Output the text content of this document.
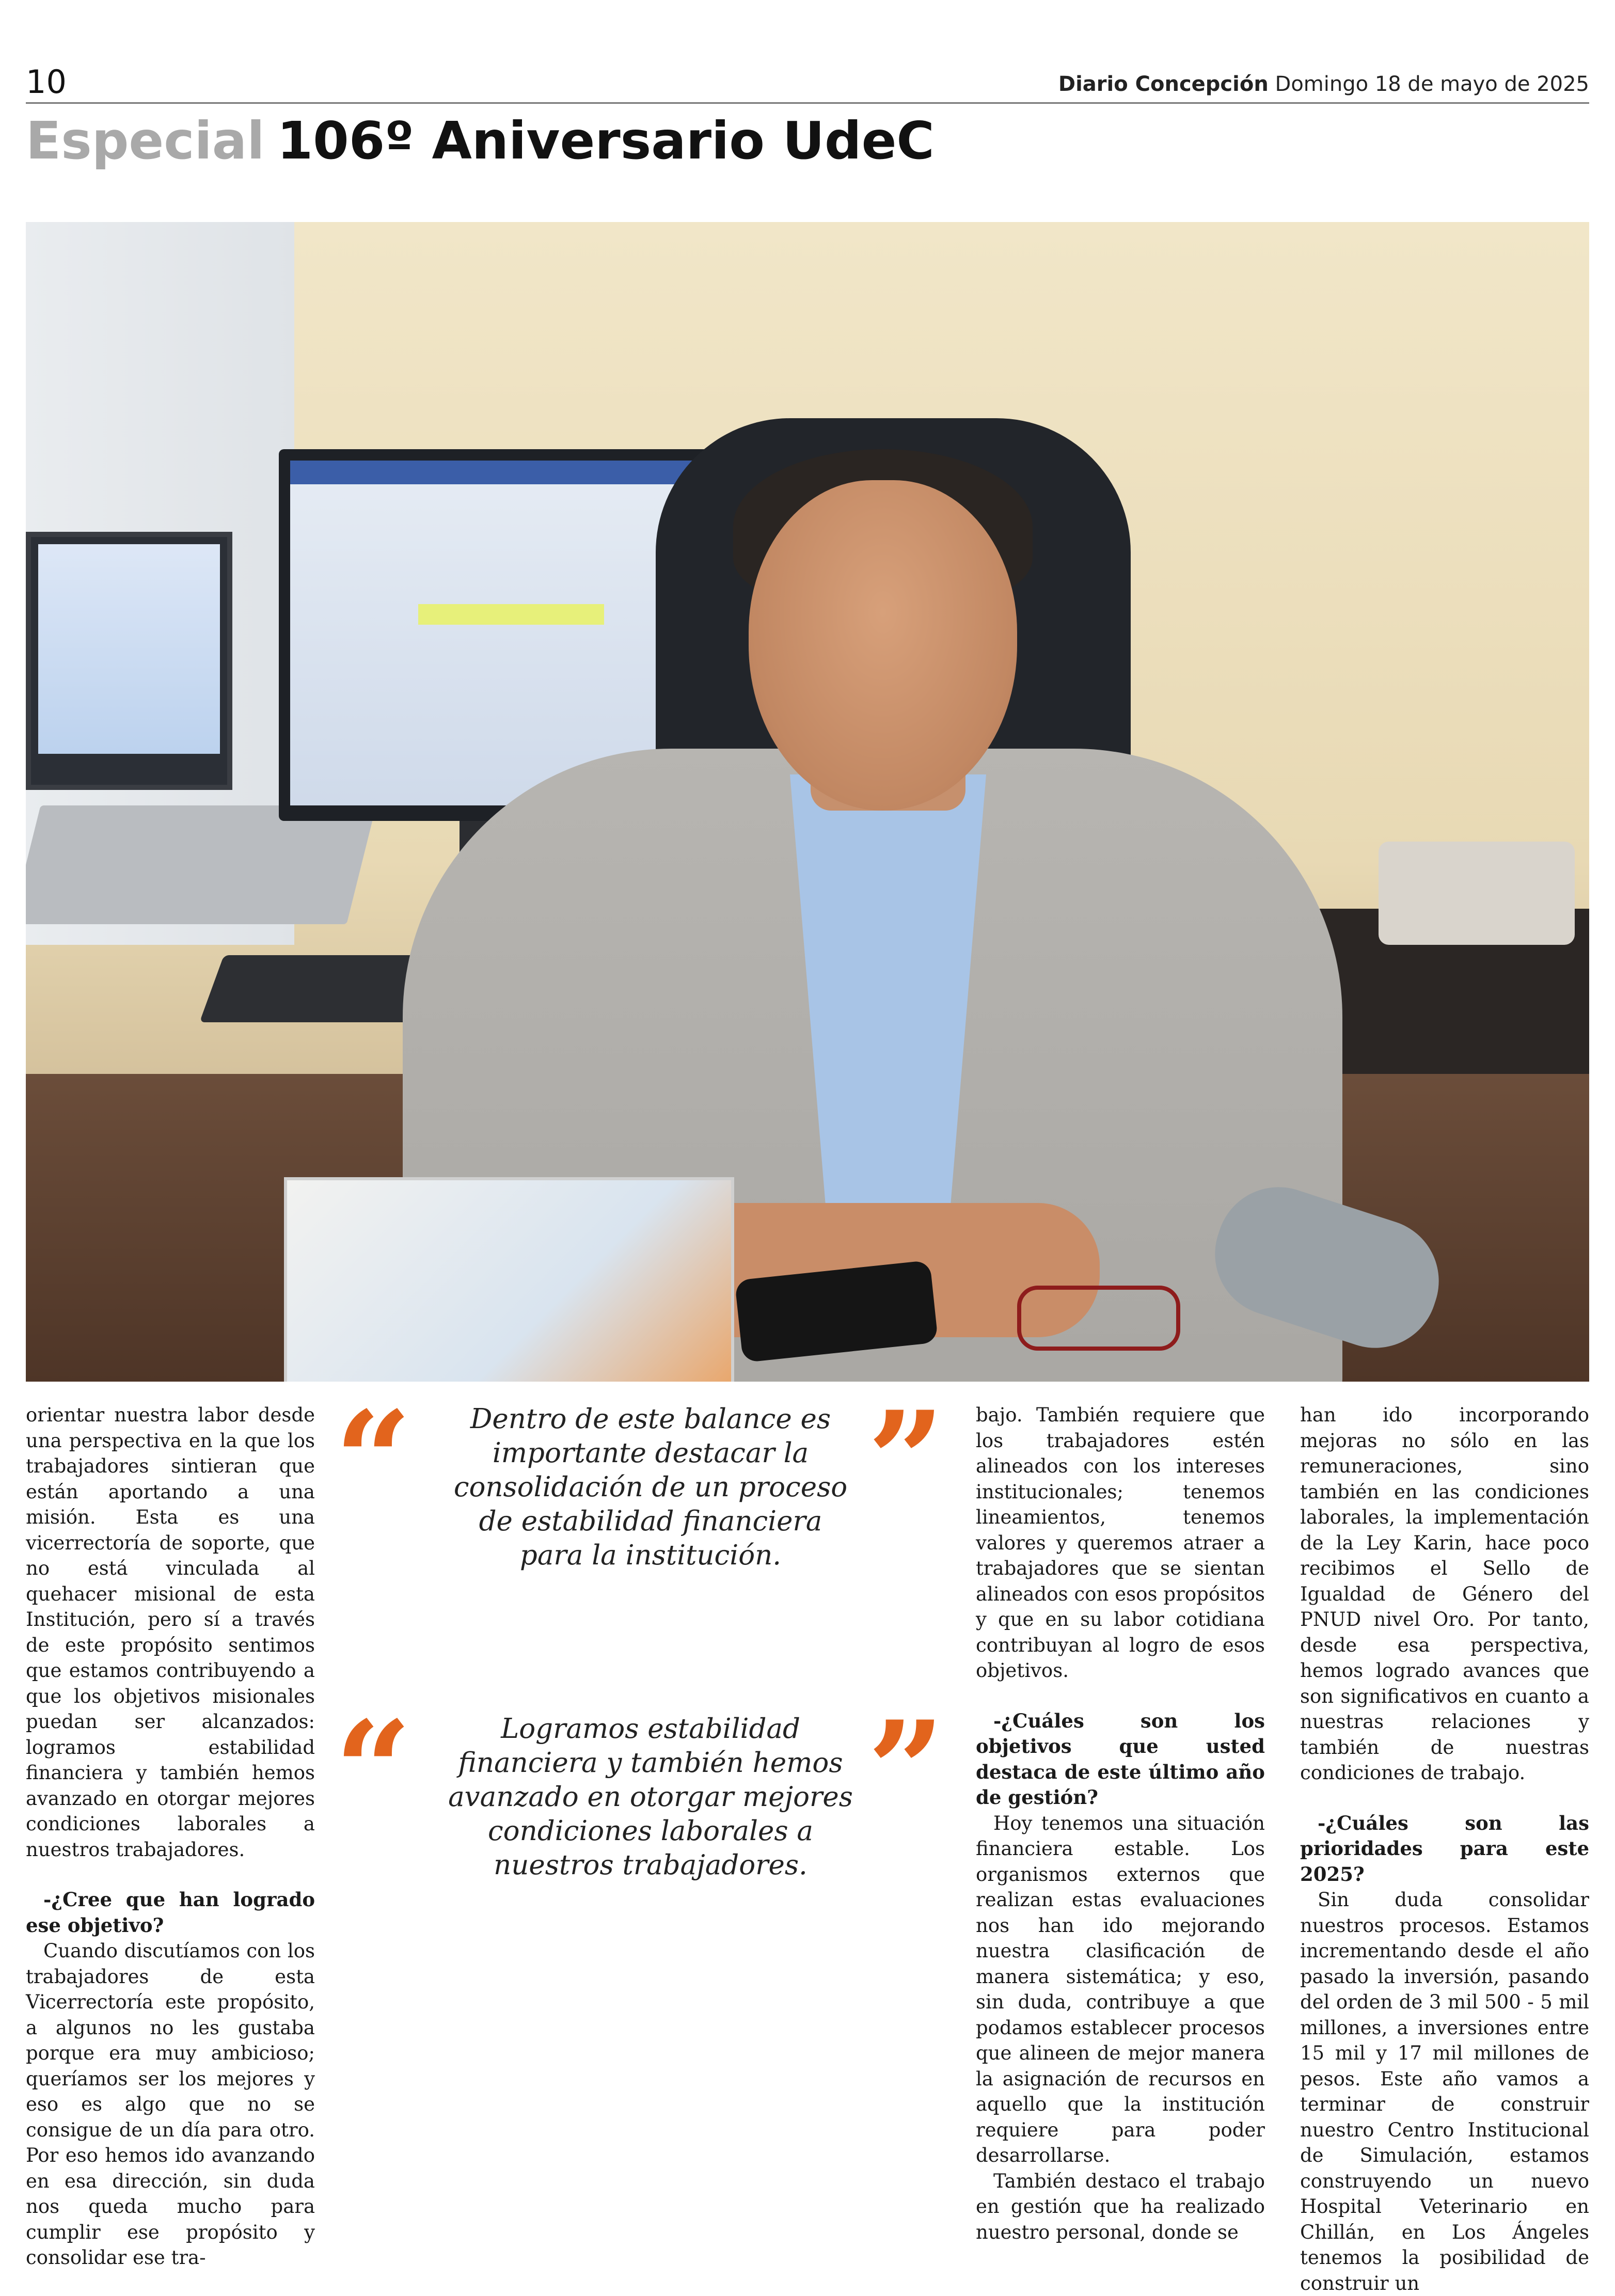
10	Diario Concepción Domingo 18 de mayo de 2025
Especial 106º Aniversario UdeC

orientar nuestra labor desde una perspectiva en la que los trabajadores sintieran que están aportando a una misión. Esta es una vicerrectoría de soporte, que no está vinculada al quehacer misional de esta Institución, pero sí a través de este propósito sentimos que estamos contribuyendo a que los objetivos misionales puedan ser alcanzados: logramos estabilidad financiera y también hemos avanzado en otorgar mejores condiciones laborales a nuestros trabajadores.

-¿Cree que han logrado ese objetivo?

Cuando discutíamos con los trabajadores de esta Vicerrectoría este propósito, a algunos no les gustaba porque era muy ambicioso; queríamos ser los mejores y eso es algo que no se consigue de un día para otro. Por eso hemos ido avanzando en esa dirección, sin duda nos queda mucho para cumplir ese propósito y consolidar ese tra-

“	Dentro de este balance es importante destacar la consolidación de un proceso de estabilidad financiera para la institución.
”
“	Logramos estabilidad financiera y también hemos avanzado en otorgar mejores condiciones laborales a nuestros trabajadores.
”

bajo. También requiere que los trabajadores estén alineados con los intereses institucionales; tenemos lineamientos, tenemos valores y queremos atraer a trabajadores que se sientan alineados con esos propósitos y que en su labor cotidiana contribuyan al logro de esos objetivos.

-¿Cuáles son los objetivos que usted destaca de este último año de gestión?

Hoy tenemos una situación financiera estable. Los organismos externos que realizan estas evaluaciones nos han ido mejorando nuestra clasificación de manera sistemática; y eso, sin duda, contribuye a que podamos establecer procesos que alineen de mejor manera la asignación de recursos en aquello que la institución requiere para poder desarrollarse.

También destaco el trabajo en gestión que ha realizado nuestro personal, donde se

han ido incorporando mejoras no sólo en las remuneraciones, sino también en las condiciones laborales, la implementación de la Ley Karin, hace poco recibimos el Sello de Igualdad de Género del PNUD nivel Oro. Por tanto, desde esa perspectiva, hemos logrado avances que son significativos en cuanto a nuestras relaciones y también de nuestras condiciones de trabajo.

-¿Cuáles son las prioridades para este 2025?

Sin duda consolidar nuestros procesos. Estamos incrementando desde el año pasado la inversión, pasando del orden de 3 mil 500 - 5 mil millones, a inversiones entre 15 mil y 17 mil millones de pesos. Este año vamos a terminar de construir nuestro Centro Institucional de Simulación, estamos construyendo un nuevo Hospital Veterinario en Chillán, en Los Ángeles tenemos la posibilidad de construir un
